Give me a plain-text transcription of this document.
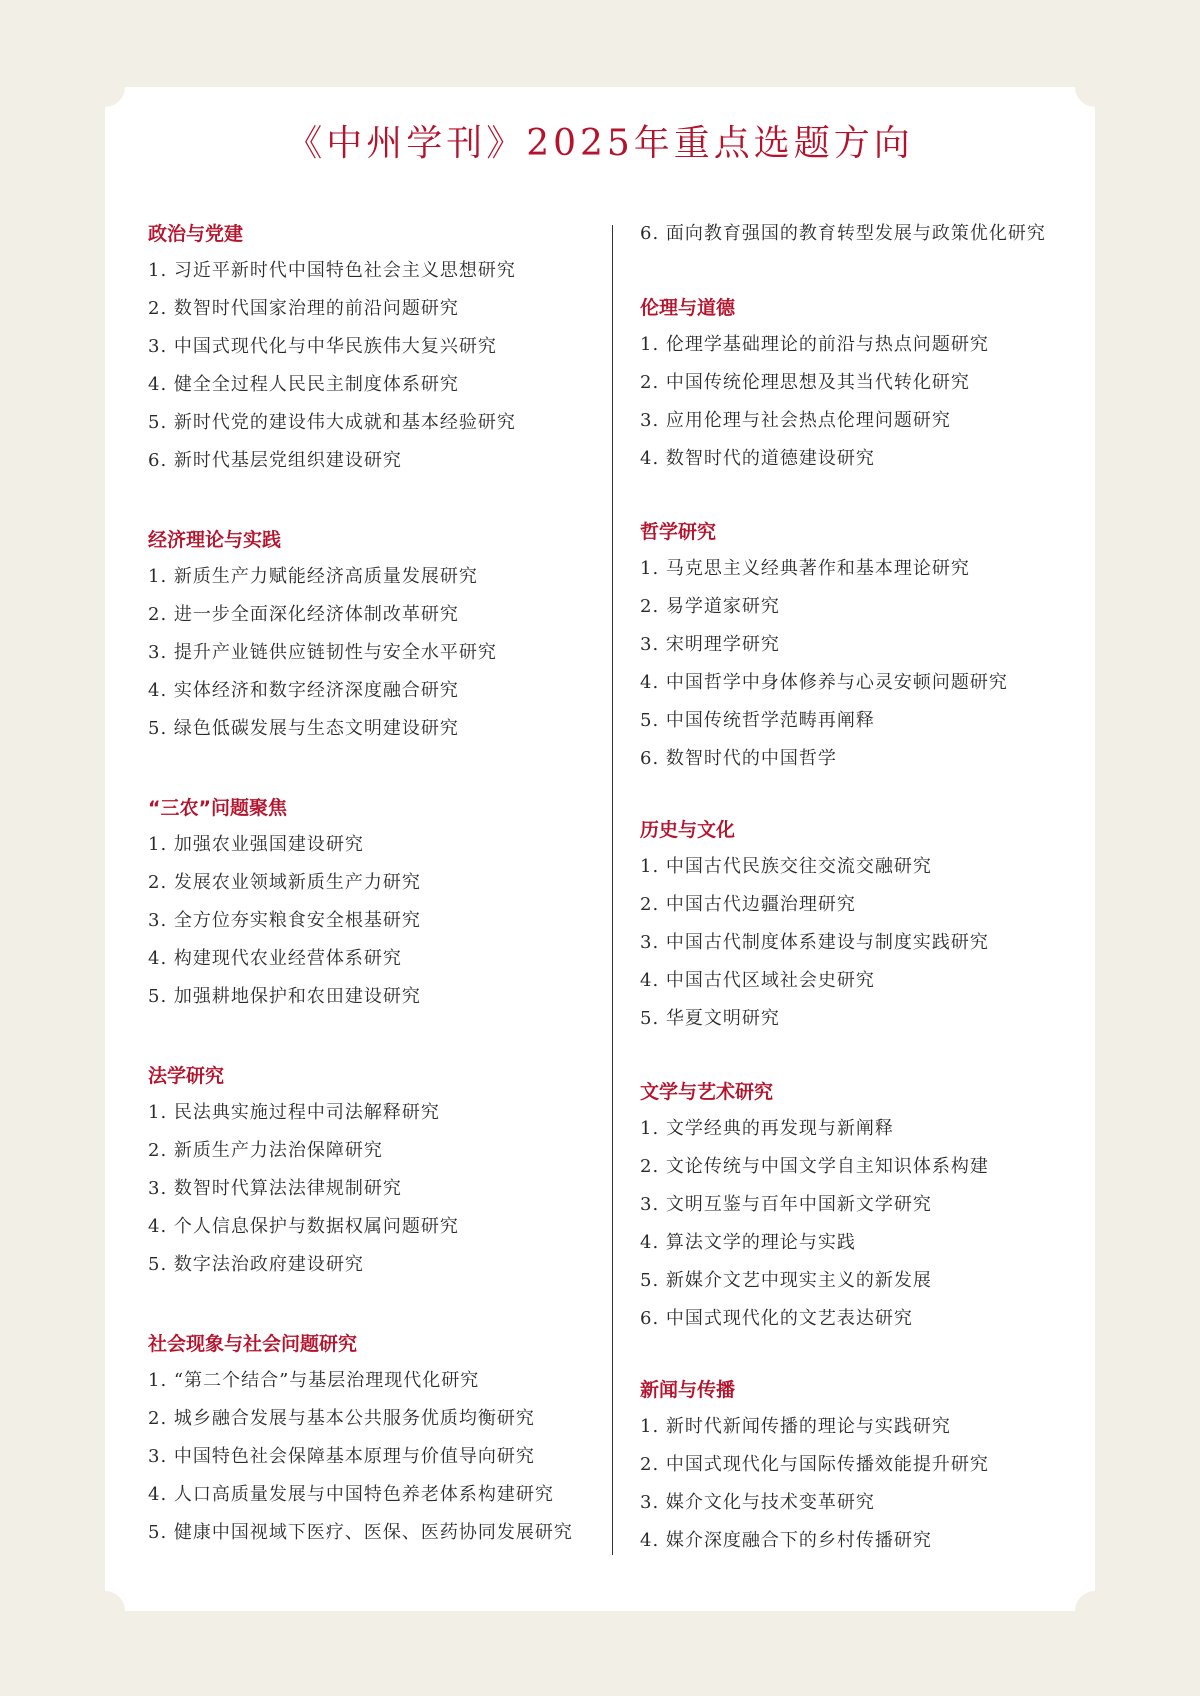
《中州学刊》2025年重点选题方向
政治与党建
1. 习近平新时代中国特色社会主义思想研究
2. 数智时代国家治理的前沿问题研究
3. 中国式现代化与中华民族伟大复兴研究
4. 健全全过程人民民主制度体系研究
5. 新时代党的建设伟大成就和基本经验研究
6. 新时代基层党组织建设研究
经济理论与实践
1. 新质生产力赋能经济高质量发展研究
2. 进一步全面深化经济体制改革研究
3. 提升产业链供应链韧性与安全水平研究
4. 实体经济和数字经济深度融合研究
5. 绿色低碳发展与生态文明建设研究
“三农”问题聚焦
1. 加强农业强国建设研究
2. 发展农业领域新质生产力研究
3. 全方位夯实粮食安全根基研究
4. 构建现代农业经营体系研究
5. 加强耕地保护和农田建设研究
法学研究
1. 民法典实施过程中司法解释研究
2. 新质生产力法治保障研究
3. 数智时代算法法律规制研究
4. 个人信息保护与数据权属问题研究
5. 数字法治政府建设研究
社会现象与社会问题研究
1. “第二个结合”与基层治理现代化研究
2. 城乡融合发展与基本公共服务优质均衡研究
3. 中国特色社会保障基本原理与价值导向研究
4. 人口高质量发展与中国特色养老体系构建研究
5. 健康中国视域下医疗、医保、医药协同发展研究
6. 面向教育强国的教育转型发展与政策优化研究
伦理与道德
1. 伦理学基础理论的前沿与热点问题研究
2. 中国传统伦理思想及其当代转化研究
3. 应用伦理与社会热点伦理问题研究
4. 数智时代的道德建设研究
哲学研究
1. 马克思主义经典著作和基本理论研究
2. 易学道家研究
3. 宋明理学研究
4. 中国哲学中身体修养与心灵安顿问题研究
5. 中国传统哲学范畴再阐释
6. 数智时代的中国哲学
历史与文化
1. 中国古代民族交往交流交融研究
2. 中国古代边疆治理研究
3. 中国古代制度体系建设与制度实践研究
4. 中国古代区域社会史研究
5. 华夏文明研究
文学与艺术研究
1. 文学经典的再发现与新阐释
2. 文论传统与中国文学自主知识体系构建
3. 文明互鉴与百年中国新文学研究
4. 算法文学的理论与实践
5. 新媒介文艺中现实主义的新发展
6. 中国式现代化的文艺表达研究
新闻与传播
1. 新时代新闻传播的理论与实践研究
2. 中国式现代化与国际传播效能提升研究
3. 媒介文化与技术变革研究
4. 媒介深度融合下的乡村传播研究
